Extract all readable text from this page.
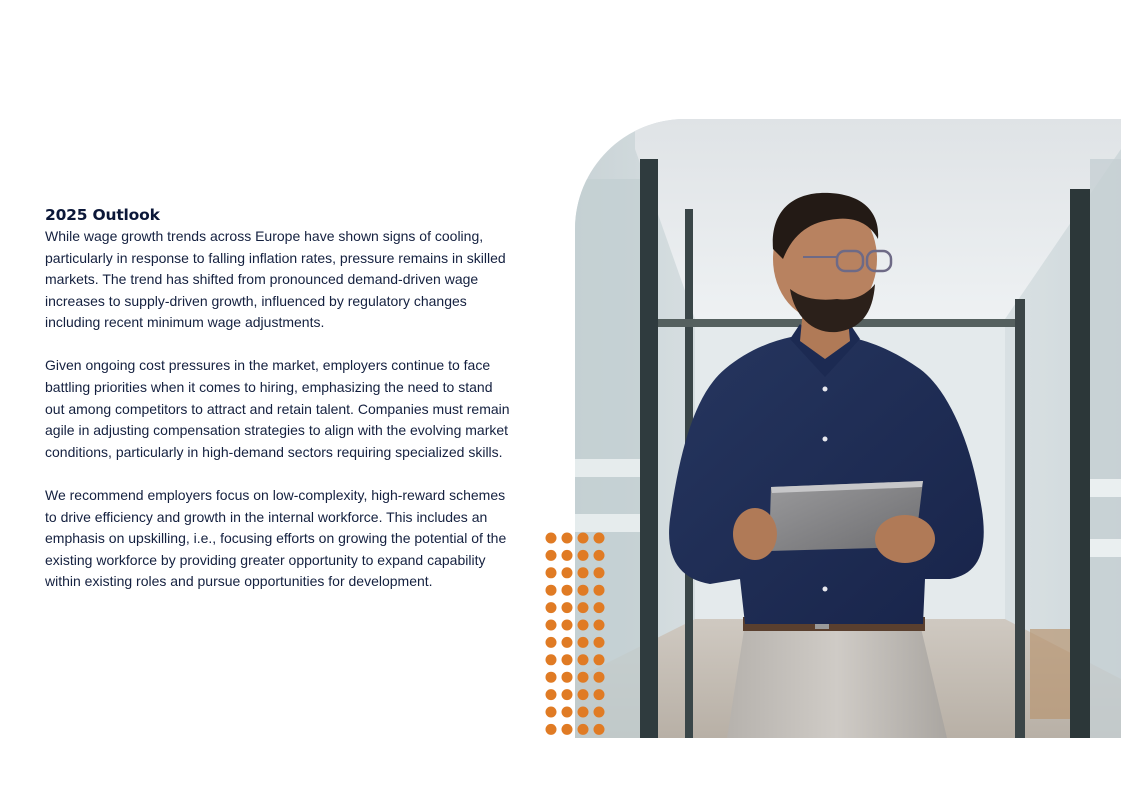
2025 Outlook

While wage growth trends across Europe have shown signs of cooling, particularly in response to falling inflation rates, pressure remains in skilled markets. The trend has shifted from pronounced demand-driven wage increases to supply-driven growth, influenced by regulatory changes including recent minimum wage adjustments.

Given ongoing cost pressures in the market, employers continue to face battling priorities when it comes to hiring, emphasizing the need to stand out among competitors to attract and retain talent. Companies must remain agile in adjusting compensation strategies to align with the evolving market conditions, particularly in high-demand sectors requiring specialized skills.

We recommend employers focus on low-complexity, high-reward schemes to drive efficiency and growth in the internal workforce. This includes an emphasis on upskilling, i.e., focusing efforts on growing the potential of the existing workforce by providing greater opportunity to expand capability within existing roles and pursue opportunities for development.
